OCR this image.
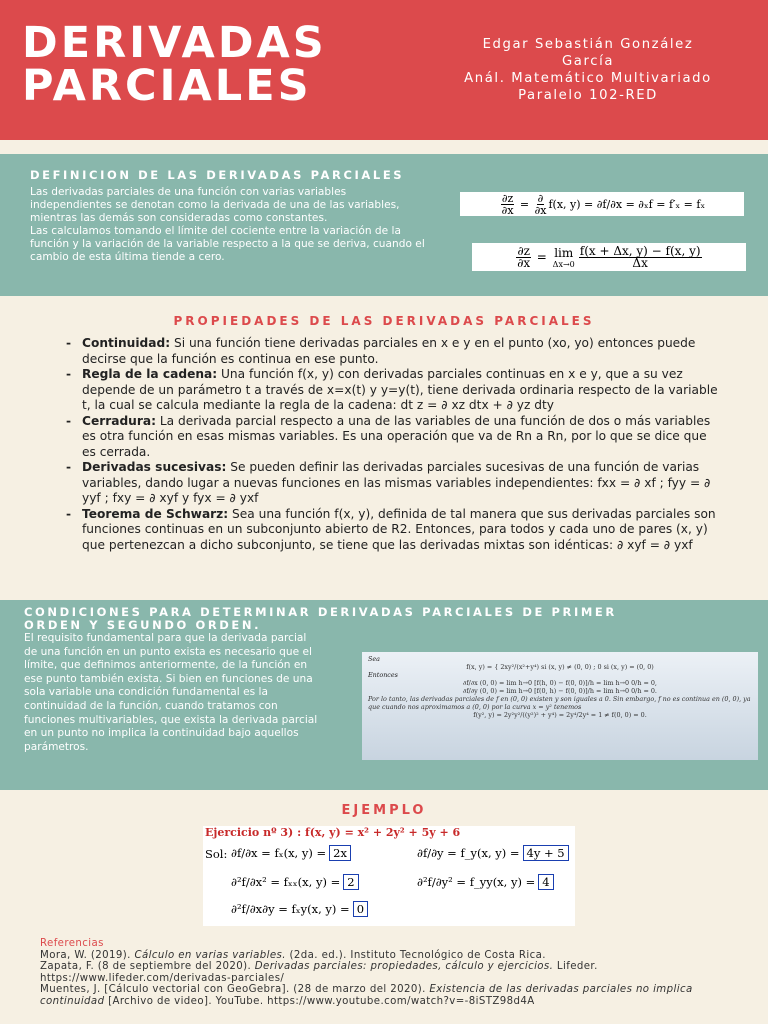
DERIVADAS
PARCIALES
Edgar Sebastián González
García
Anál. Matemático Multivariado
Paralelo 102-RED
DEFINICION DE LAS DERIVADAS PARCIALES

Las derivadas parciales de una función con varias variables independientes se denotan como la derivada de una de las variables, mientras las demás son consideradas como constantes.

Las calculamos tomando el límite del cociente entre la variación de la función y la variación de la variable respecto a la que se deriva, cuando el cambio de esta última tiende a cero.

$\frac{\partial z}{\partial x} = \frac{\partial}{\partial x} f(x$, y) = ∂f/∂x = ∂ₓf = f′ₓ = fₓ
$\frac{\partial z}{\partial x} = \lim$
$\Delta x\to 0 \frac{f(x + \Delta x, y) - f(x, y)}{\Delta x}$
PROPIEDADES DE LAS DERIVADAS PARCIALES
- Continuidad: Si una función tiene derivadas parciales en x e y en el punto (xo, yo) entonces puede decirse que la función es continua en ese punto.
- Regla de la cadena: Una función f(x, y) con derivadas parciales continuas en x e y, que a su vez depende de un parámetro t a través de x=x(t) y y=y(t), tiene derivada ordinaria respecto de la variable t, la cual se calcula mediante la regla de la cadena: dt z = ∂ xz dtx + ∂ yz dty
- Cerradura: La derivada parcial respecto a una de las variables de una función de dos o más variables es otra función en esas mismas variables. Es una operación que va de Rn a Rn, por lo que se dice que es cerrada.
- Derivadas sucesivas: Se pueden definir las derivadas parciales sucesivas de una función de varias variables, dando lugar a nuevas funciones en las mismas variables independientes: fxx = ∂ xf ; fyy = ∂ yyf ; fxy = ∂ xyf y fyx = ∂ yxf
- Teorema de Schwarz: Sea una función f(x, y), definida de tal manera que sus derivadas parciales son funciones continuas en un subconjunto abierto de R2. Entonces, para todos y cada uno de pares (x, y) que pertenezcan a dicho subconjunto, se tiene que las derivadas mixtas son idénticas: ∂ xyf = ∂ yxf
CONDICIONES PARA DETERMINAR DERIVADAS PARCIALES DE PRIMER ORDEN Y SEGUNDO ORDEN.

El requisito fundamental para que la derivada parcial de una función en un punto exista es necesario que el límite, que definimos anteriormente, de la función en ese punto también exista. Si bien en funciones de una sola variable una condición fundamental es la continuidad de la función, cuando tratamos con funciones multivariables, que exista la derivada parcial en un punto no implica la continuidad bajo aquellos parámetros.

Sea
f(x, y) = { 2xy²/(x²+y⁴) si (x, y) ≠ (0, 0) ; 0 si (x, y) = (0, 0)
Entonces
∂f/∂x (0, 0) = lim h→0 [f(h, 0) − f(0, 0)]/h = lim h→0 0/h = 0,
∂f/∂y (0, 0) = lim h→0 [f(0, h) − f(0, 0)]/h = lim h→0 0/h = 0.
Por lo tanto, las derivadas parciales de f en (0, 0) existen y son iguales a 0. Sin embargo, f no es continua en (0, 0), ya que cuando nos aproximamos a (0, 0) por la curva x = y² tenemos
f(y², y) = 2y²y²/((y²)² + y⁴) = 2y⁴/2y⁴ = 1 ≠ f(0, 0) = 0.
EJEMPLO
Ejercicio nº 3) : f(x, y) = x² + 2y² + 5y + 6
Sol: ∂f/∂x = fₓ(x, y) = 2x	∂f/∂y = f_y(x, y) = 4y + 5
∂²f/∂x² = fₓₓ(x, y) = 2	∂²f/∂y² = f_yy(x, y) = 4
∂²f/∂x∂y = fₓy(x, y) = 0
Referencias
Mora, W. (2019). Cálculo en varias variables. (2da. ed.). Instituto Tecnológico de Costa Rica.
Zapata, F. (8 de septiembre del 2020). Derivadas parciales: propiedades, cálculo y ejercicios. Lifeder. https://www.lifeder.com/derivadas-parciales/
Muentes, J. [Cálculo vectorial con GeoGebra]. (28 de marzo del 2020). Existencia de las derivadas parciales no implica continuidad [Archivo de video]. YouTube. https://www.youtube.com/watch?v=-8iSTZ98d4A
